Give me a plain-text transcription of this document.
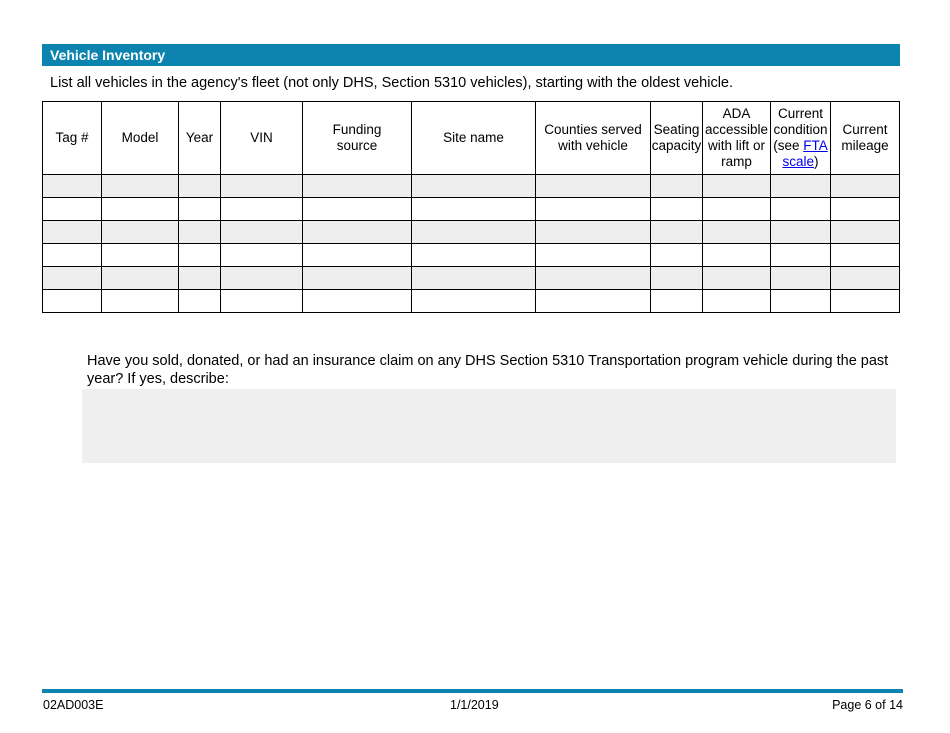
Vehicle Inventory
List all vehicles in the agency's fleet (not only DHS, Section 5310 vehicles), starting with the oldest vehicle.
Tag #	Model	Year	VIN	Funding source	Site name	Counties served with vehicle	Seating capacity	ADA accessible with lift or ramp	Current condition (see FTA scale)	Current mileage

Have you sold, donated, or had an insurance claim on any DHS Section 5310 Transportation program vehicle during the past year? If yes, describe:
02AD003E	1/1/2019	Page 6 of 14
